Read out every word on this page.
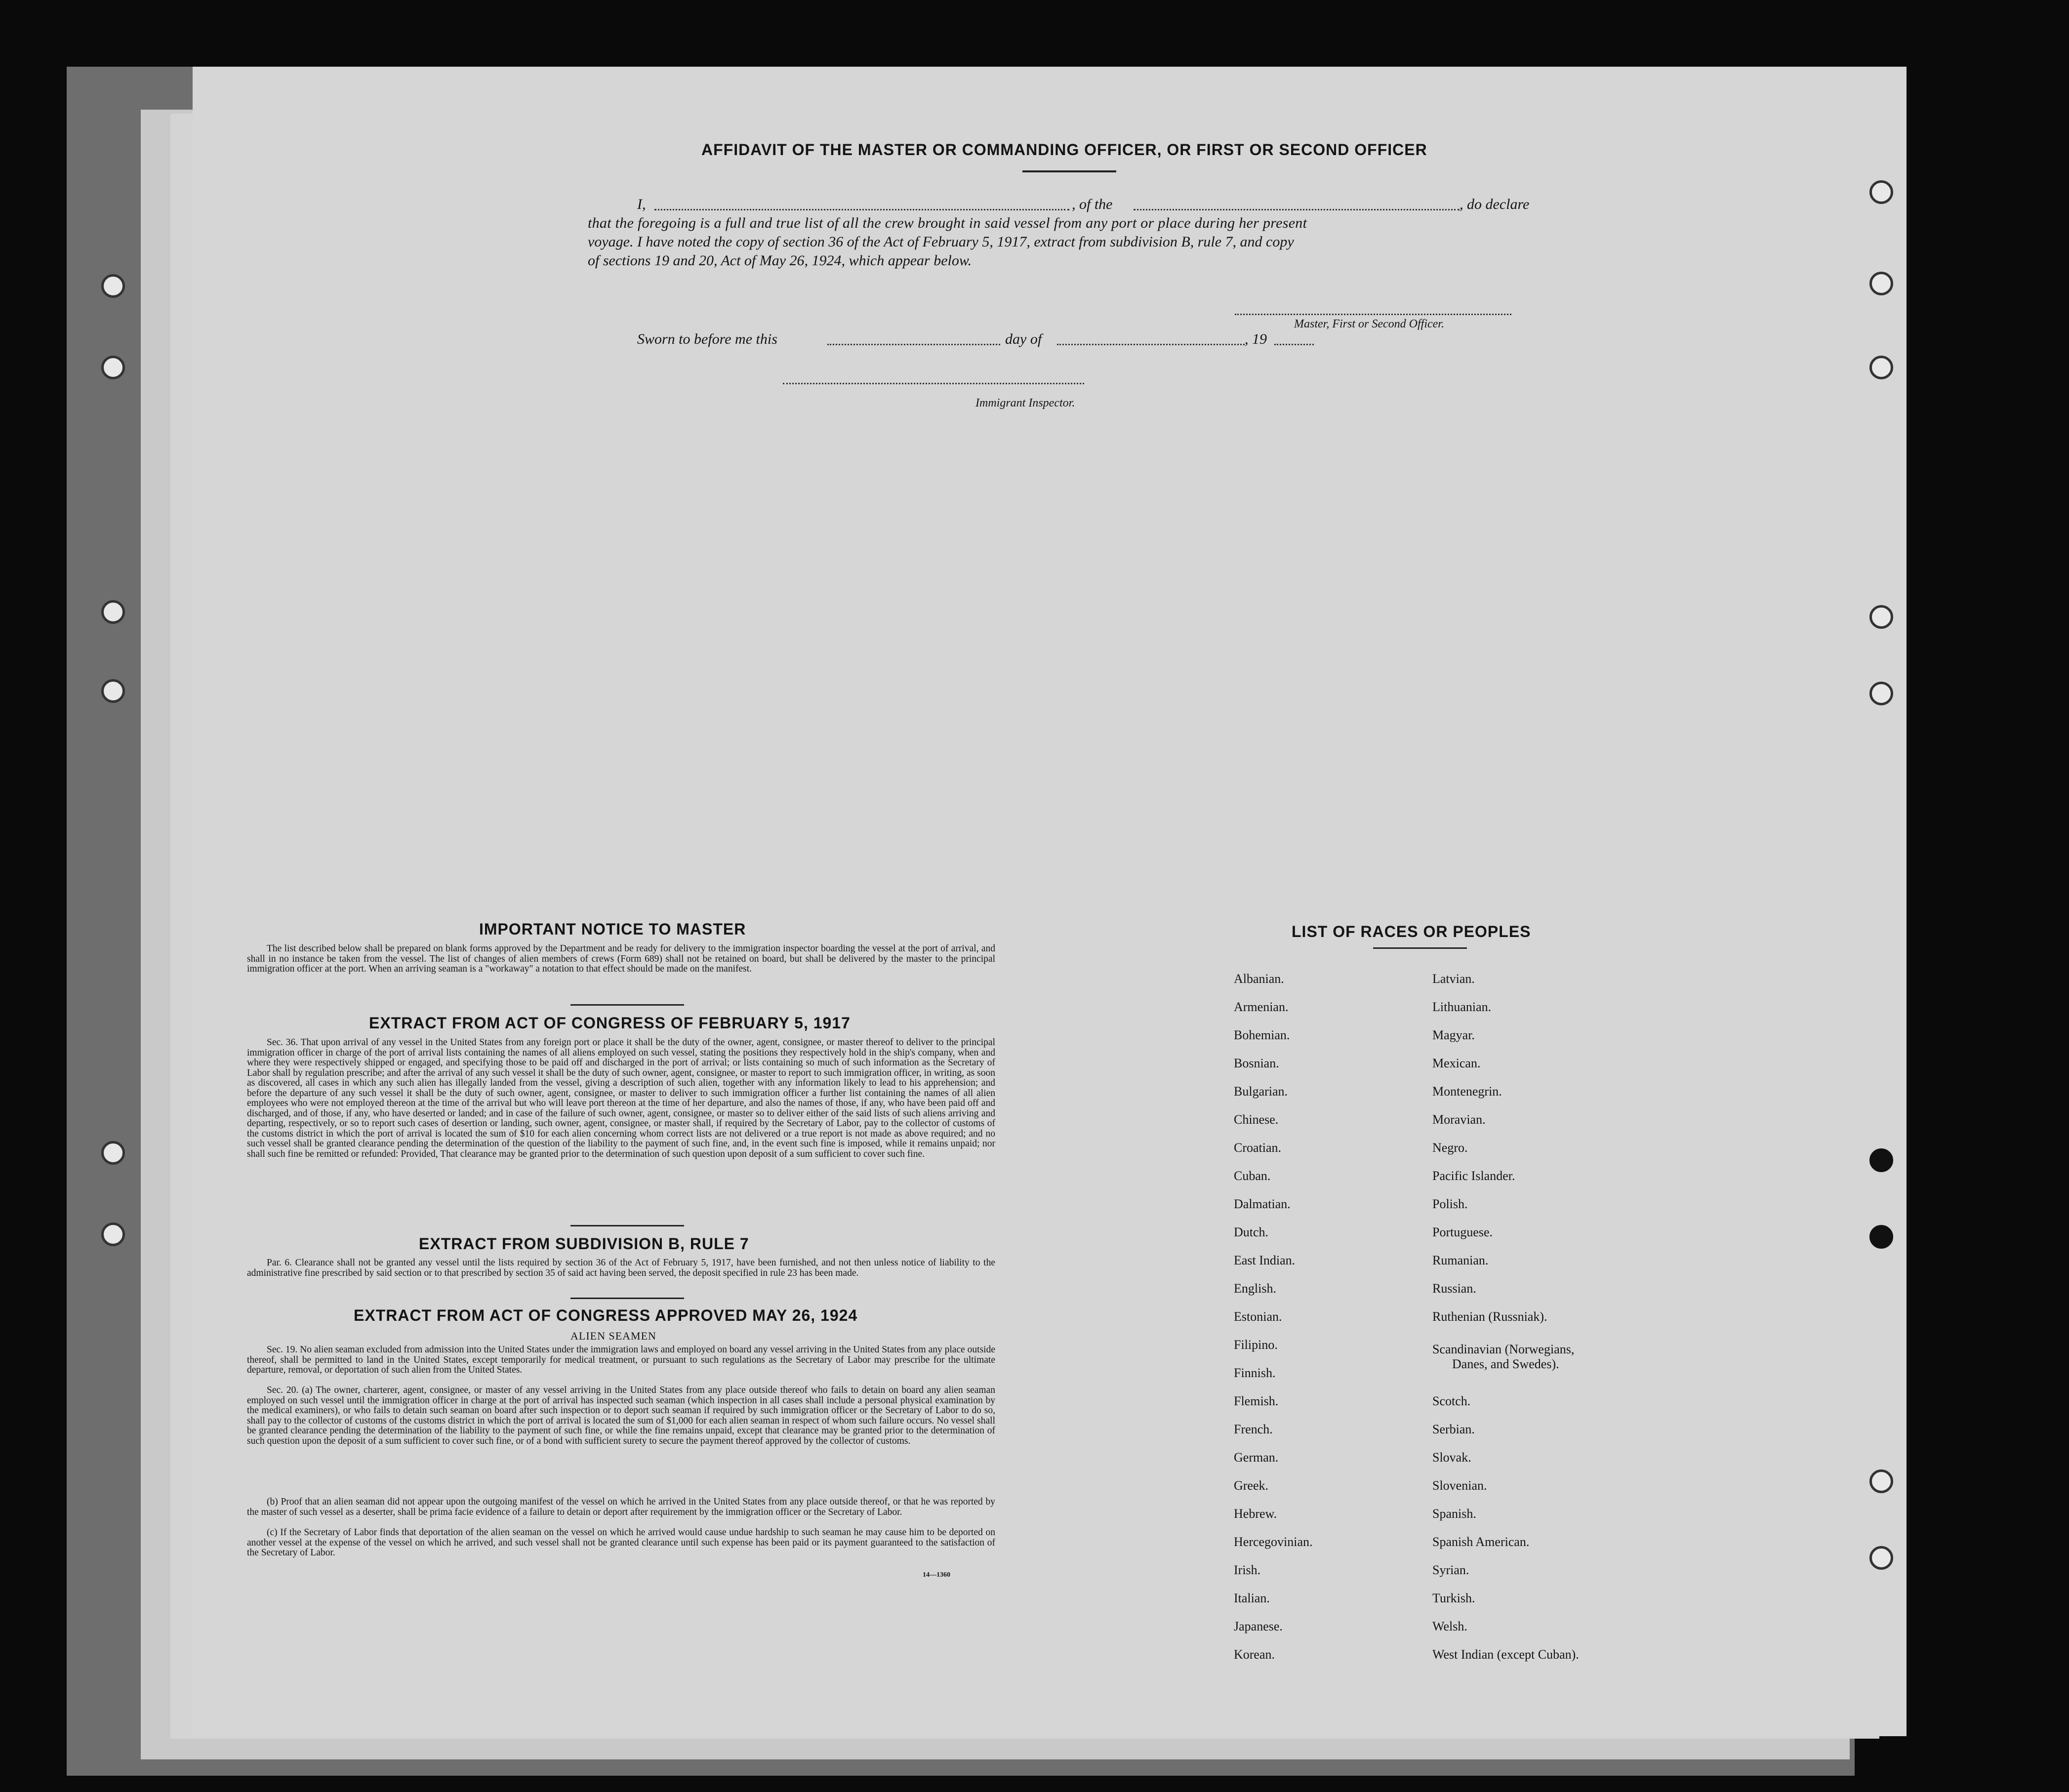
AFFIDAVIT OF THE MASTER OR COMMANDING OFFICER, OR FIRST OR SECOND OFFICER
I,	, of the	, do declare
that the foregoing is a full and true list of all the crew brought in said vessel from any port or place during her present
voyage. I have noted the copy of section 36 of the Act of February 5, 1917, extract from subdivision B, rule 7, and copy
of sections 19 and 20, Act of May 26, 1924, which appear below.
Master, First or Second Officer.
Sworn to before me this	day of	, 19
Immigrant Inspector.
IMPORTANT NOTICE TO MASTER
The list described below shall be prepared on blank forms approved by the Department and be ready for delivery to the immigration inspector boarding the vessel at the port of arrival, and shall in no instance be taken from the vessel. The list of changes of alien members of crews (Form 689) shall not be retained on board, but shall be delivered by the master to the principal immigration officer at the port. When an arriving seaman is a "workaway" a notation to that effect should be made on the manifest.
EXTRACT FROM ACT OF CONGRESS OF FEBRUARY 5, 1917
Sec. 36. That upon arrival of any vessel in the United States from any foreign port or place it shall be the duty of the owner, agent, consignee, or master thereof to deliver to the principal immigration officer in charge of the port of arrival lists containing the names of all aliens employed on such vessel, stating the positions they respectively hold in the ship's company, when and where they were respectively shipped or engaged, and specifying those to be paid off and discharged in the port of arrival; or lists containing so much of such information as the Secretary of Labor shall by regulation prescribe; and after the arrival of any such vessel it shall be the duty of such owner, agent, consignee, or master to report to such immigration officer, in writing, as soon as discovered, all cases in which any such alien has illegally landed from the vessel, giving a description of such alien, together with any information likely to lead to his apprehension; and before the departure of any such vessel it shall be the duty of such owner, agent, consignee, or master to deliver to such immigration officer a further list containing the names of all alien employees who were not employed thereon at the time of the arrival but who will leave port thereon at the time of her departure, and also the names of those, if any, who have been paid off and discharged, and of those, if any, who have deserted or landed; and in case of the failure of such owner, agent, consignee, or master so to deliver either of the said lists of such aliens arriving and departing, respectively, or so to report such cases of desertion or landing, such owner, agent, consignee, or master shall, if required by the Secretary of Labor, pay to the collector of customs of the customs district in which the port of arrival is located the sum of $10 for each alien concerning whom correct lists are not delivered or a true report is not made as above required; and no such vessel shall be granted clearance pending the determination of the question of the liability to the payment of such fine, and, in the event such fine is imposed, while it remains unpaid; nor shall such fine be remitted or refunded: Provided, That clearance may be granted prior to the determination of such question upon deposit of a sum sufficient to cover such fine.
EXTRACT FROM SUBDIVISION B, RULE 7
Par. 6. Clearance shall not be granted any vessel until the lists required by section 36 of the Act of February 5, 1917, have been furnished, and not then unless notice of liability to the administrative fine prescribed by said section or to that prescribed by section 35 of said act having been served, the deposit specified in rule 23 has been made.
EXTRACT FROM ACT OF CONGRESS APPROVED MAY 26, 1924
ALIEN SEAMEN
Sec. 19. No alien seaman excluded from admission into the United States under the immigration laws and employed on board any vessel arriving in the United States from any place outside thereof, shall be permitted to land in the United States, except temporarily for medical treatment, or pursuant to such regulations as the Secretary of Labor may prescribe for the ultimate departure, removal, or deportation of such alien from the United States.
Sec. 20. (a) The owner, charterer, agent, consignee, or master of any vessel arriving in the United States from any place outside thereof who fails to detain on board any alien seaman employed on such vessel until the immigration officer in charge at the port of arrival has inspected such seaman (which inspection in all cases shall include a personal physical examination by the medical examiners), or who fails to detain such seaman on board after such inspection or to deport such seaman if required by such immigration officer or the Secretary of Labor to do so, shall pay to the collector of customs of the customs district in which the port of arrival is located the sum of $1,000 for each alien seaman in respect of whom such failure occurs. No vessel shall be granted clearance pending the determination of the liability to the payment of such fine, or while the fine remains unpaid, except that clearance may be granted prior to the determination of such question upon the deposit of a sum sufficient to cover such fine, or of a bond with sufficient surety to secure the payment thereof approved by the collector of customs.
(b) Proof that an alien seaman did not appear upon the outgoing manifest of the vessel on which he arrived in the United States from any place outside thereof, or that he was reported by the master of such vessel as a deserter, shall be prima facie evidence of a failure to detain or deport after requirement by the immigration officer or the Secretary of Labor.
(c) If the Secretary of Labor finds that deportation of the alien seaman on the vessel on which he arrived would cause undue hardship to such seaman he may cause him to be deported on another vessel at the expense of the vessel on which he arrived, and such vessel shall not be granted clearance until such expense has been paid or its payment guaranteed to the satisfaction of the Secretary of Labor.
14—1360
LIST OF RACES OR PEOPLES
Albanian.
Armenian.
Bohemian.
Bosnian.
Bulgarian.
Chinese.
Croatian.
Cuban.
Dalmatian.
Dutch.
East Indian.
English.
Estonian.
Filipino.
Finnish.
Flemish.
French.
German.
Greek.
Hebrew.
Hercegovinian.
Irish.
Italian.
Japanese.
Korean.
Latvian.
Lithuanian.
Magyar.
Mexican.
Montenegrin.
Moravian.
Negro.
Pacific Islander.
Polish.
Portuguese.
Rumanian.
Russian.
Ruthenian (Russniak).
Scandinavian (Norwegians,
Danes, and Swedes).
Scotch.
Serbian.
Slovak.
Slovenian.
Spanish.
Spanish American.
Syrian.
Turkish.
Welsh.
West Indian (except Cuban).
